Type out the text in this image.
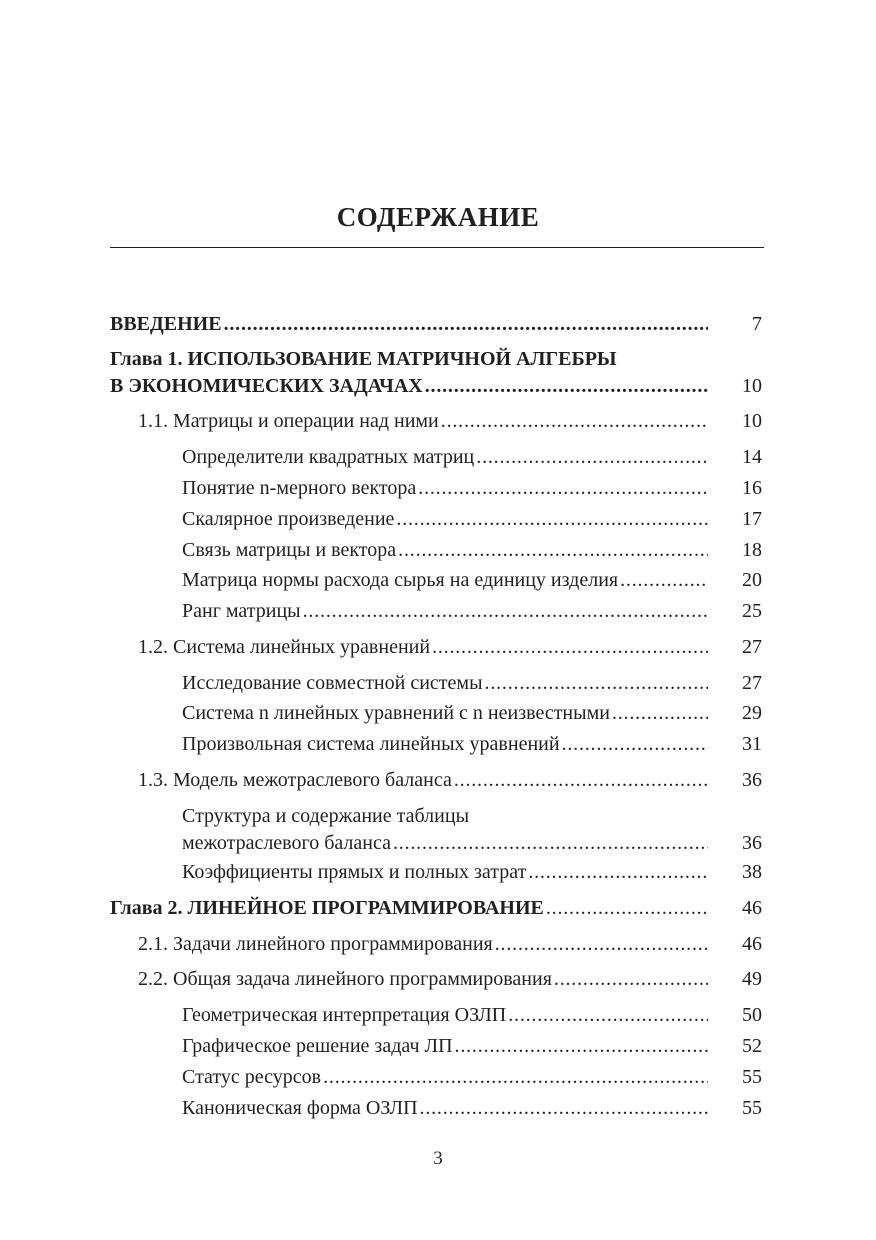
СОДЕРЖАНИЕ
ВВЕДЕНИЕ .....	7
Глава 1. ИСПОЛЬЗОВАНИЕ МАТРИЧНОЙ АЛГЕБРЫ
В ЭКОНОМИЧЕСКИХ ЗАДАЧАХ .....	10
1.1. Матрицы и операции над ними .....	10
Определители квадратных матриц .....	14
Понятие n-мерного вектора .....	16
Скалярное произведение .....	17
Связь матрицы и вектора .....	18
Матрица нормы расхода сырья на единицу изделия .....	20
Ранг матрицы .....	25
1.2. Система линейных уравнений .....	27
Исследование совместной системы .....	27
Система n линейных уравнений с n неизвестными .....	29
Произвольная система линейных уравнений .....	31
1.3. Модель межотраслевого баланса .....	36
Структура и содержание таблицы
межотраслевого баланса .....	36
Коэффициенты прямых и полных затрат .....	38
Глава 2. ЛИНЕЙНОЕ ПРОГРАММИРОВАНИЕ .....	46
2.1. Задачи линейного программирования .....	46
2.2. Общая задача линейного программирования .....	49
Геометрическая интерпретация ОЗЛП .....	50
Графическое решение задач ЛП .....	52
Статус ресурсов .....	55
Каноническая форма ОЗЛП .....	55
3
